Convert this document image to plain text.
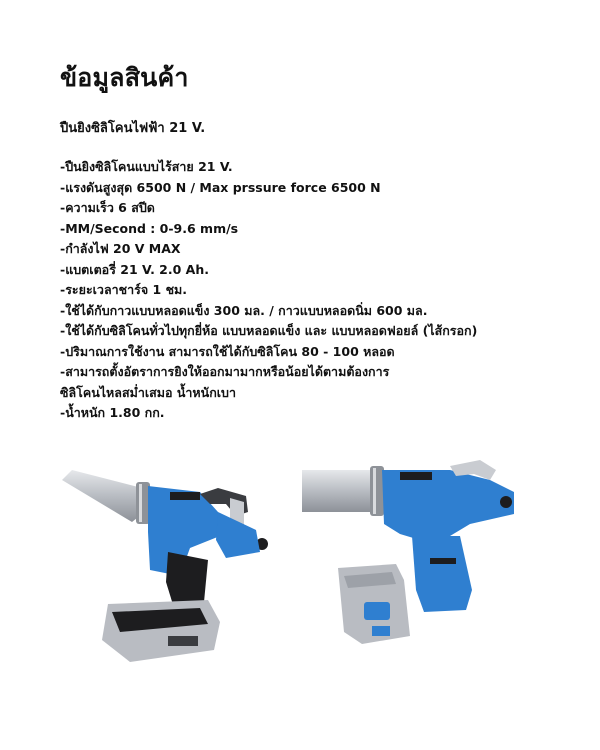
ข้อมูลสินค้า

ปืนยิงซิลิโคนไฟฟ้า 21 V.

-ปืนยิงซิลิโคนแบบไร้สาย 21 V.
-แรงดันสูงสุด 6500 N / Max prssure force 6500 N
-ความเร็ว 6 สปีด
-MM/Second : 0-9.6 mm/s
-กำลังไฟ 20 V MAX
-แบตเตอรี่ 21 V. 2.0 Ah.
-ระยะเวลาชาร์จ 1 ชม.
-ใช้ได้กับกาวแบบหลอดแข็ง 300 มล. / กาวแบบหลอดนิ่ม 600 มล.
-ใช้ได้กับซิลิโคนทั่วไปทุกยี่ห้อ แบบหลอดแข็ง และ แบบหลอดฟอยล์ (ไส้กรอก)
-ปริมาณการใช้งาน สามารถใช้ได้กับซิลิโคน 80 - 100 หลอด
-สามารถตั้งอัตราการยิงให้ออกมามากหรือน้อยได้ตามต้องการ
ซิลิโคนไหลสม่ำเสมอ น้ำหนักเบา
-น้ำหนัก 1.80 กก.
